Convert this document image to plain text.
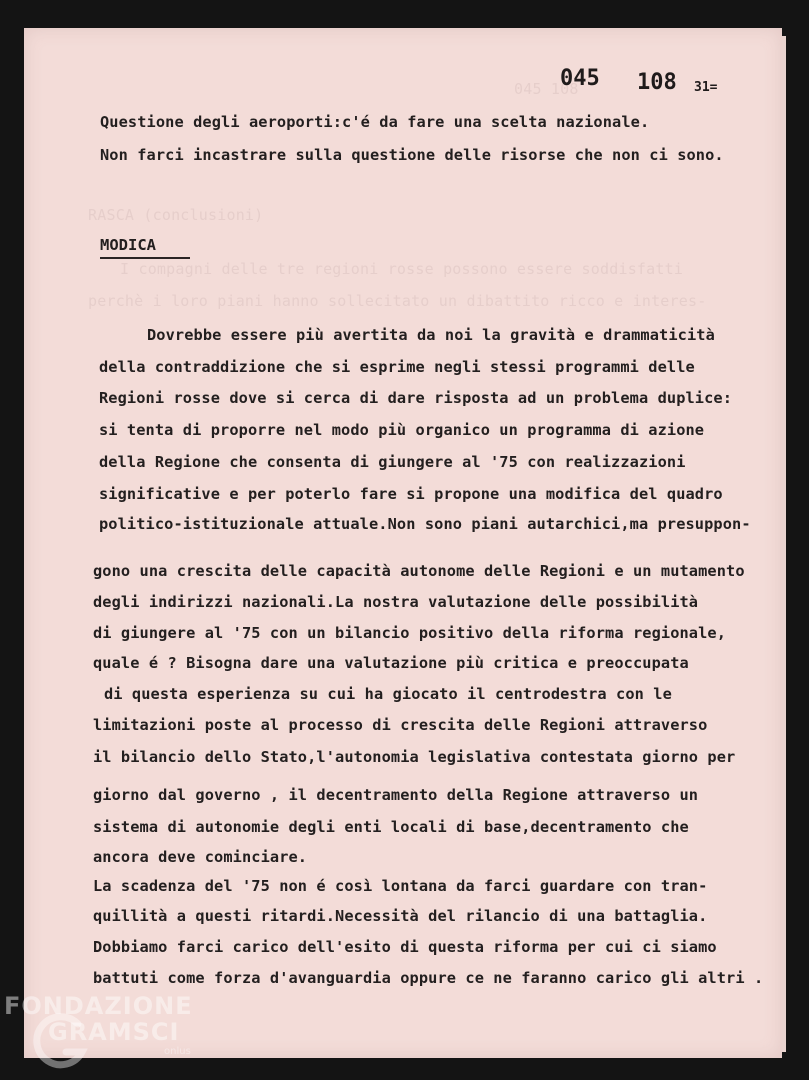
045 108
RASCA (conclusioni)
I compagni delle tre regioni rosse possono essere soddisfatti
perchè i loro piani hanno sollecitato un dibattito ricco e interes-
045 108 31=
Questione degli aeroporti:c'é da fare una scelta nazionale.
Non farci incastrare sulla questione delle risorse che non ci sono.
MODICA
Dovrebbe essere più avertita da noi la gravità e drammaticità
della contraddizione che si esprime negli stessi programmi delle
Regioni rosse dove si cerca di dare risposta ad un problema duplice:
si tenta di proporre nel modo più organico un programma di azione
della Regione che consenta di giungere al '75 con realizzazioni
significative e per poterlo fare si propone una modifica del quadro
politico-istituzionale attuale.Non sono piani autarchici,ma presuppon-
gono una crescita delle capacità autonome delle Regioni e un mutamento
degli indirizzi nazionali.La nostra valutazione delle possibilità
di giungere al '75 con un bilancio positivo della riforma regionale,
quale é ? Bisogna dare una valutazione più critica e preoccupata
di questa esperienza su cui ha giocato il centrodestra con le
limitazioni poste al processo di crescita delle Regioni attraverso
il bilancio dello Stato,l'autonomia legislativa contestata giorno per
giorno dal governo , il decentramento della Regione attraverso un
sistema di autonomie degli enti locali di base,decentramento che
ancora deve cominciare.
La scadenza del '75 non é così lontana da farci guardare con tran-
quillità a questi ritardi.Necessità del rilancio di una battaglia.
Dobbiamo farci carico dell'esito di questa riforma per cui ci siamo
battuti come forza d'avanguardia oppure ce ne faranno carico gli altri .
FONDAZIONE
GRAMSCI
onlus
